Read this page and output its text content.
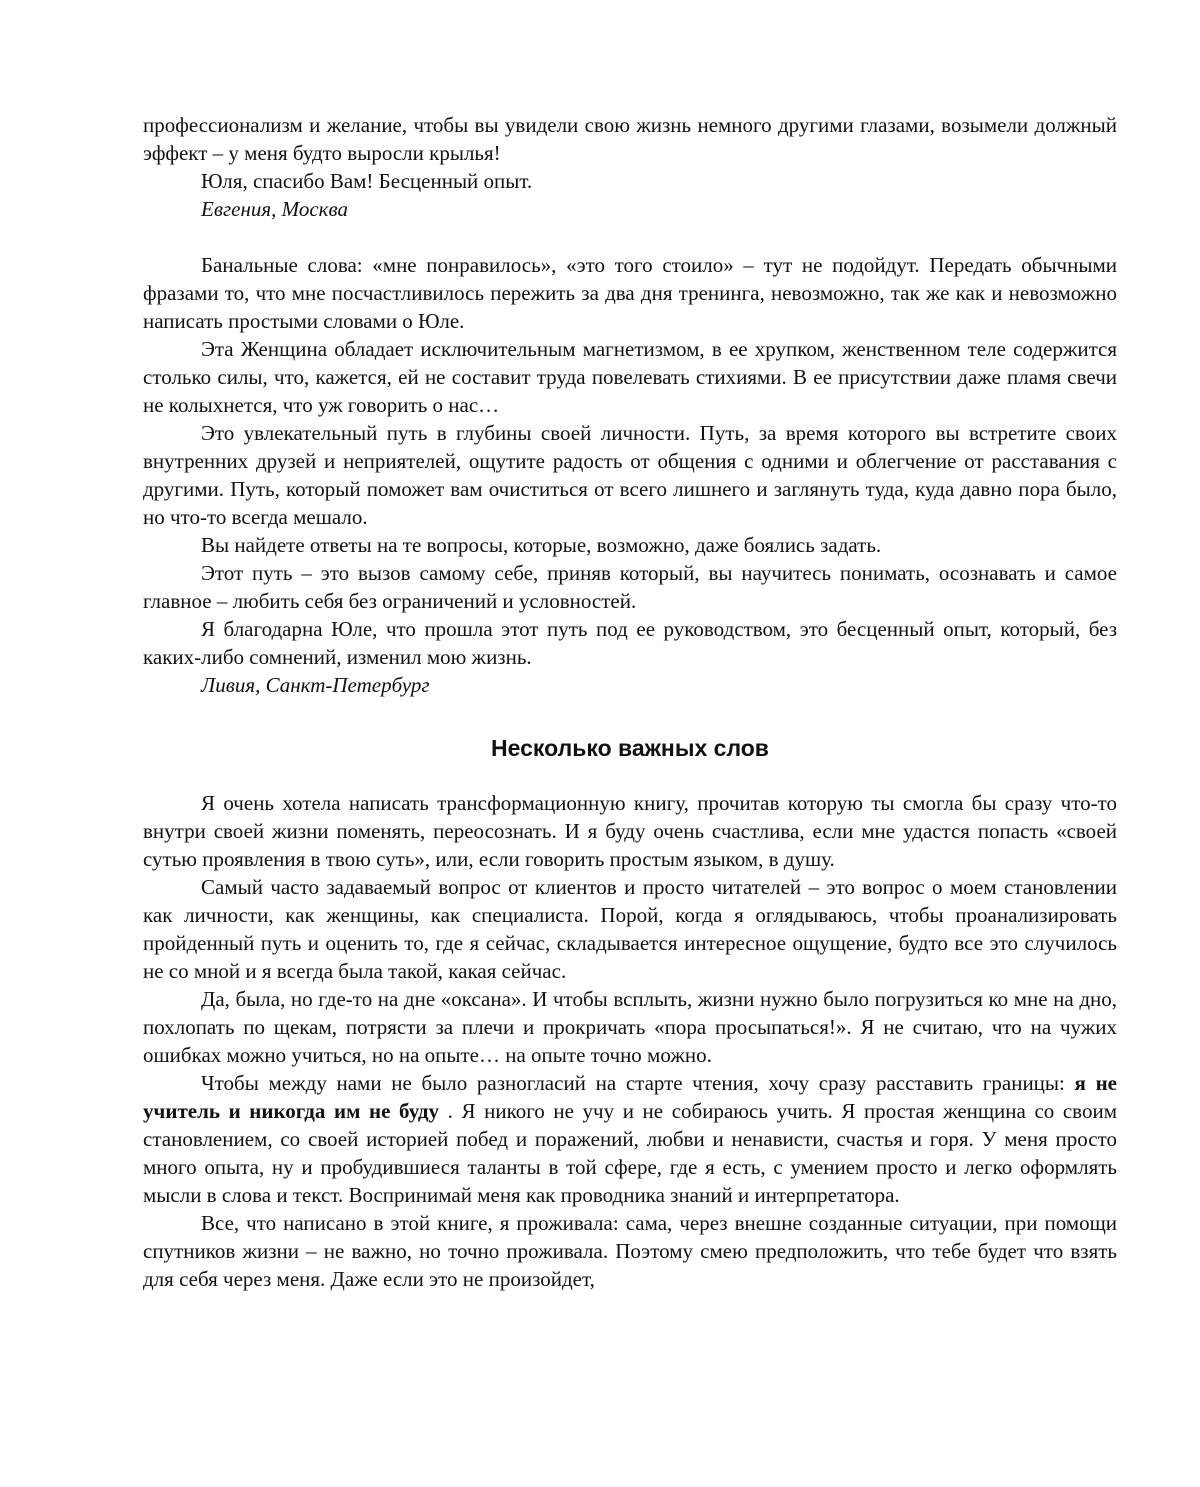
профессионализм и желание, чтобы вы увидели свою жизнь немного другими глазами, возымели должный эффект – у меня будто выросли крылья!

Юля, спасибо Вам! Бесценный опыт.

Евгения, Москва

Банальные слова: «мне понравилось», «это того стоило» – тут не подойдут. Передать обычными фразами то, что мне посчастливилось пережить за два дня тренинга, невозможно, так же как и невозможно написать простыми словами о Юле.

Эта Женщина обладает исключительным магнетизмом, в ее хрупком, женственном теле содержится столько силы, что, кажется, ей не составит труда повелевать стихиями. В ее присутствии даже пламя свечи не колыхнется, что уж говорить о нас…

Это увлекательный путь в глубины своей личности. Путь, за время которого вы встретите своих внутренних друзей и неприятелей, ощутите радость от общения с одними и облегчение от расставания с другими. Путь, который поможет вам очиститься от всего лишнего и заглянуть туда, куда давно пора было, но что-то всегда мешало.

Вы найдете ответы на те вопросы, которые, возможно, даже боялись задать.

Этот путь – это вызов самому себе, приняв который, вы научитесь понимать, осознавать и самое главное – любить себя без ограничений и условностей.

Я благодарна Юле, что прошла этот путь под ее руководством, это бесценный опыт, который, без каких-либо сомнений, изменил мою жизнь.

Ливия, Санкт-Петербург

Несколько важных слов

Я очень хотела написать трансформационную книгу, прочитав которую ты смогла бы сразу что-то внутри своей жизни поменять, переосознать. И я буду очень счастлива, если мне удастся попасть «своей сутью проявления в твою суть», или, если говорить простым языком, в душу.

Самый часто задаваемый вопрос от клиентов и просто читателей – это вопрос о моем становлении как личности, как женщины, как специалиста. Порой, когда я оглядываюсь, чтобы проанализировать пройденный путь и оценить то, где я сейчас, складывается интересное ощущение, будто все это случилось не со мной и я всегда была такой, какая сейчас.

Да, была, но где-то на дне «оксана». И чтобы всплыть, жизни нужно было погрузиться ко мне на дно, похлопать по щекам, потрясти за плечи и прокричать «пора просыпаться!». Я не считаю, что на чужих ошибках можно учиться, но на опыте… на опыте точно можно.

Чтобы между нами не было разногласий на старте чтения, хочу сразу расставить границы: я не учитель и никогда им не буду . Я никого не учу и не собираюсь учить. Я простая женщина со своим становлением, со своей историей побед и поражений, любви и ненависти, счастья и горя. У меня просто много опыта, ну и пробудившиеся таланты в той сфере, где я есть, с умением просто и легко оформлять мысли в слова и текст. Воспринимай меня как проводника знаний и интерпретатора.

Все, что написано в этой книге, я проживала: сама, через внешне созданные ситуации, при помощи спутников жизни – не важно, но точно проживала. Поэтому смею предположить, что тебе будет что взять для себя через меня. Даже если это не произойдет,
